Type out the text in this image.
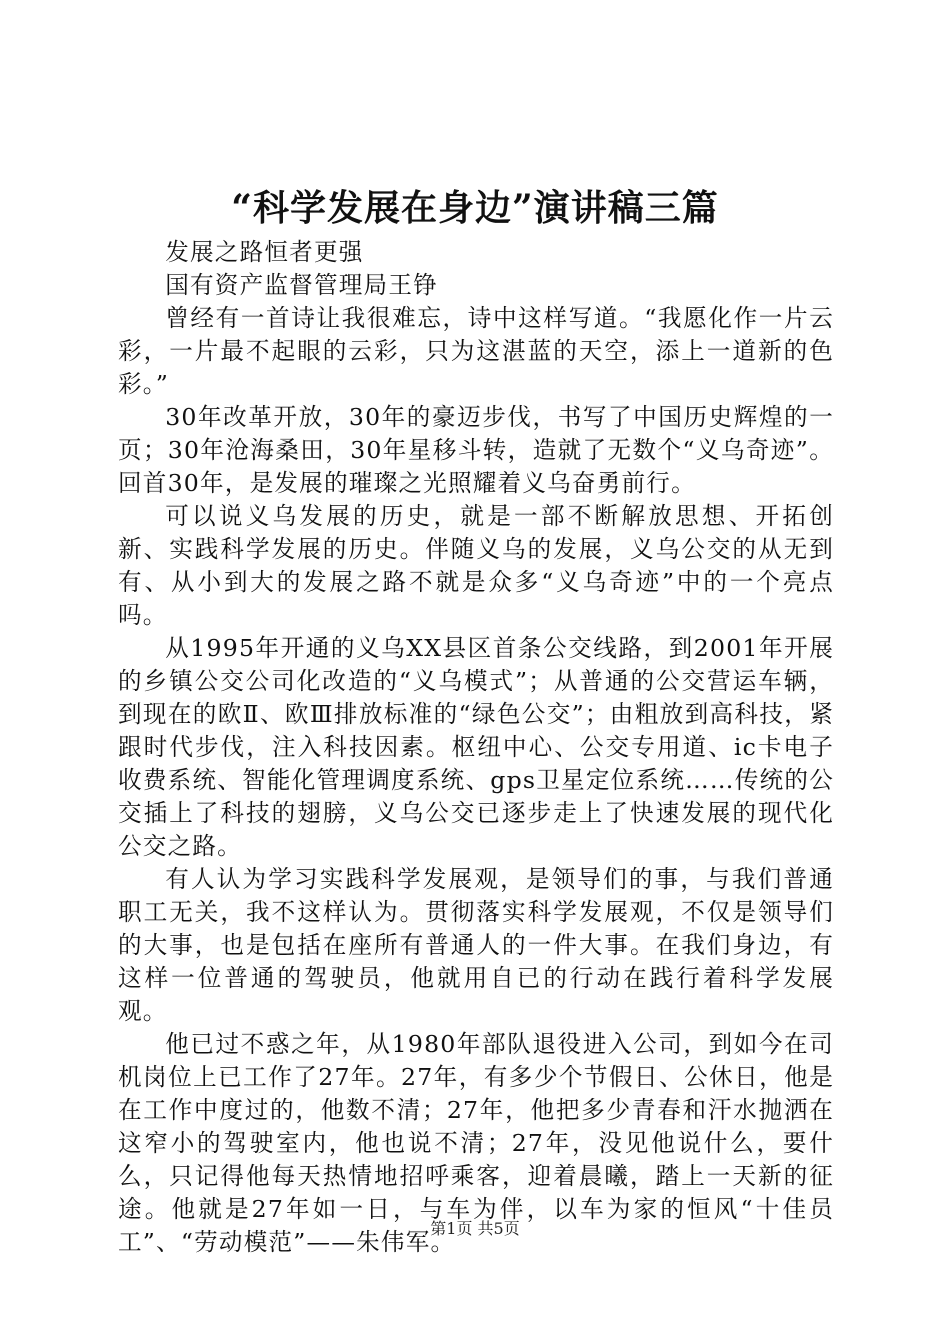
“科学发展在身边”演讲稿三篇

发展之路恒者更强

国有资产监督管理局王铮

曾经有一首诗让我很难忘，诗中这样写道。“我愿化作一片云彩，一片最不起眼的云彩，只为这湛蓝的天空，添上一道新的色彩。”

30年改革开放，30年的豪迈步伐，书写了中国历史辉煌的一页；30年沧海桑田，30年星移斗转，造就了无数个“义乌奇迹”。回首30年，是发展的璀璨之光照耀着义乌奋勇前行。

可以说义乌发展的历史，就是一部不断解放思想、开拓创新、实践科学发展的历史。伴随义乌的发展，义乌公交的从无到有、从小到大的发展之路不就是众多“义乌奇迹”中的一个亮点吗。

从1995年开通的义乌XX县区首条公交线路，到2001年开展的乡镇公交公司化改造的“义乌模式”；从普通的公交营运车辆，到现在的欧Ⅱ、欧Ⅲ排放标准的“绿色公交”；由粗放到高科技，紧跟时代步伐，注入科技因素。枢纽中心、公交专用道、ic卡电子收费系统、智能化管理调度系统、gps卫星定位系统……传统的公交插上了科技的翅膀，义乌公交已逐步走上了快速发展的现代化公交之路。

有人认为学习实践科学发展观，是领导们的事，与我们普通职工无关，我不这样认为。贯彻落实科学发展观，不仅是领导们的大事，也是包括在座所有普通人的一件大事。在我们身边，有这样一位普通的驾驶员，他就用自已的行动在践行着科学发展观。

他已过不惑之年，从1980年部队退役进入公司，到如今在司机岗位上已工作了27年。27年，有多少个节假日、公休日，他是在工作中度过的，他数不清；27年，他把多少青春和汗水抛洒在这窄小的驾驶室内，他也说不清；27年，没见他说什么，要什么，只记得他每天热情地招呼乘客，迎着晨曦，踏上一天新的征途。他就是27年如一日，与车为伴，以车为家的恒风“十佳员工”、“劳动模范”——朱伟军。

第1页 共5页
